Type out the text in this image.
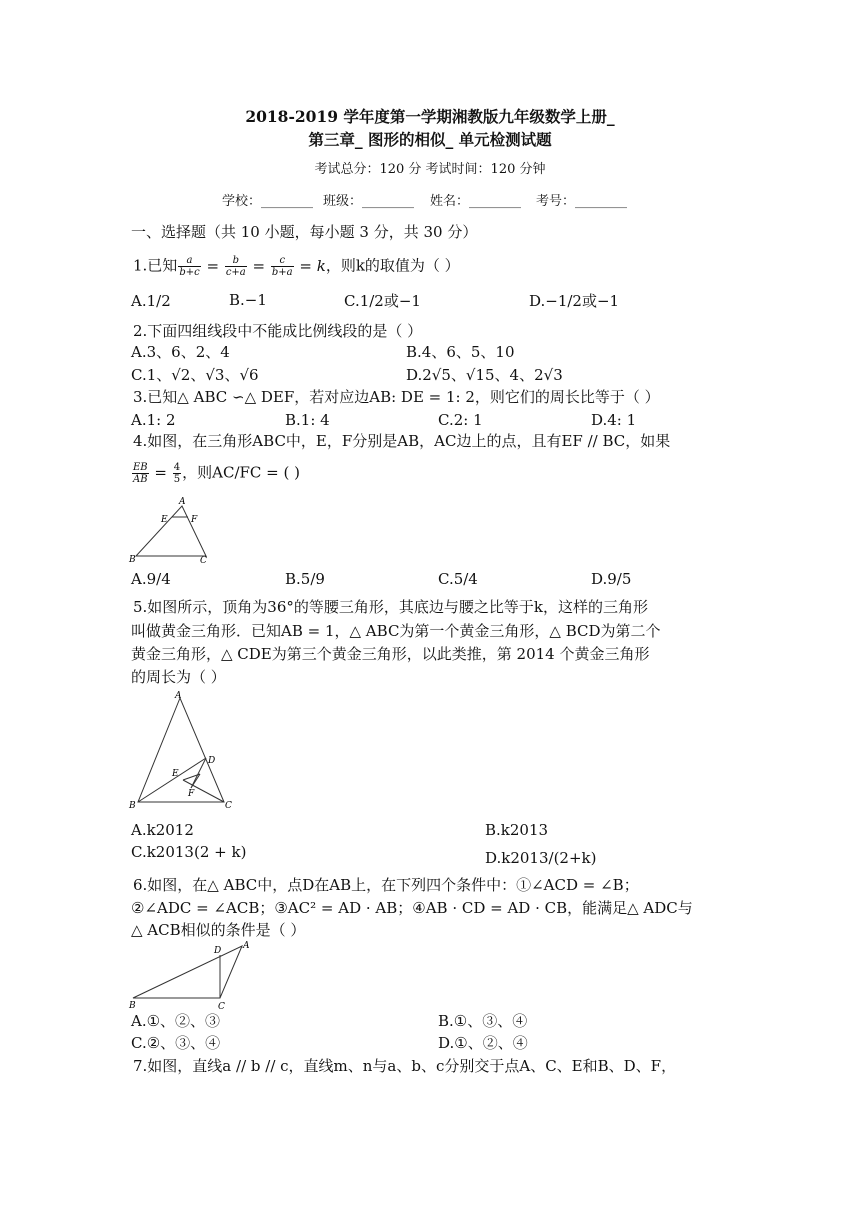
2018-2019 学年度第一学期湘教版九年级数学上册_
第三章_ 图形的相似_ 单元检测试题
考试总分：120 分 考试时间：120 分钟
学校：________ 班级：________ 姓名：________ 考号：________
一、选择题（共 10 小题，每小题 3 分，共 30 分）
1.已知 $\frac{a}{b+c} = \frac{b}{c+a} = \frac{c}{b+a} = k$，则k的取值为（ ）
A.1/2	B.−1	C.1/2或−1	D.−1/2或−1
2.下面四组线段中不能成比例线段的是（ ）
A.3、6、2、4	B.4、6、5、10
C.1、√2、√3、√6	D.2√5、√15、4、2√3
3.已知△ ABC ∽△ DEF，若对应边AB: DE = 1: 2，则它们的周长比等于（ ）
A.1: 2	B.1: 4	C.2: 1	D.4: 1
4.如图，在三角形ABC中，E，F分别是AB，AC边上的点，且有EF // BC，如果
$\frac{EB}{AB} = \frac{4}{5}$ ，则AC/FC = ( )
A
E	F
B	C
A.9/4	B.5/9	C.5/4	D.9/5
5.如图所示，顶角为36°的等腰三角形，其底边与腰之比等于k，这样的三角形
叫做黄金三角形．已知AB = 1，△ ABC为第一个黄金三角形，△ BCD为第二个
黄金三角形，△ CDE为第三个黄金三角形，以此类推，第 2014 个黄金三角形
的周长为（ ）
A
D
E
F
B	C
A.k2012	B.k2013
C.k2013(2 + k)	D.k2013/(2+k)
6.如图，在△ ABC中，点D在AB上，在下列四个条件中：①∠ACD = ∠B；
②∠ADC = ∠ACB；③AC² = AD · AB；④AB · CD = AD · CB，能满足△ ADC与
△ ACB相似的条件是（ ）
D A
B	C
A.①、②、③	B.①、③、④
C.②、③、④	D.①、②、④
7.如图，直线a // b // c，直线m、n与a、b、c分别交于点A、C、E和B、D、F，
